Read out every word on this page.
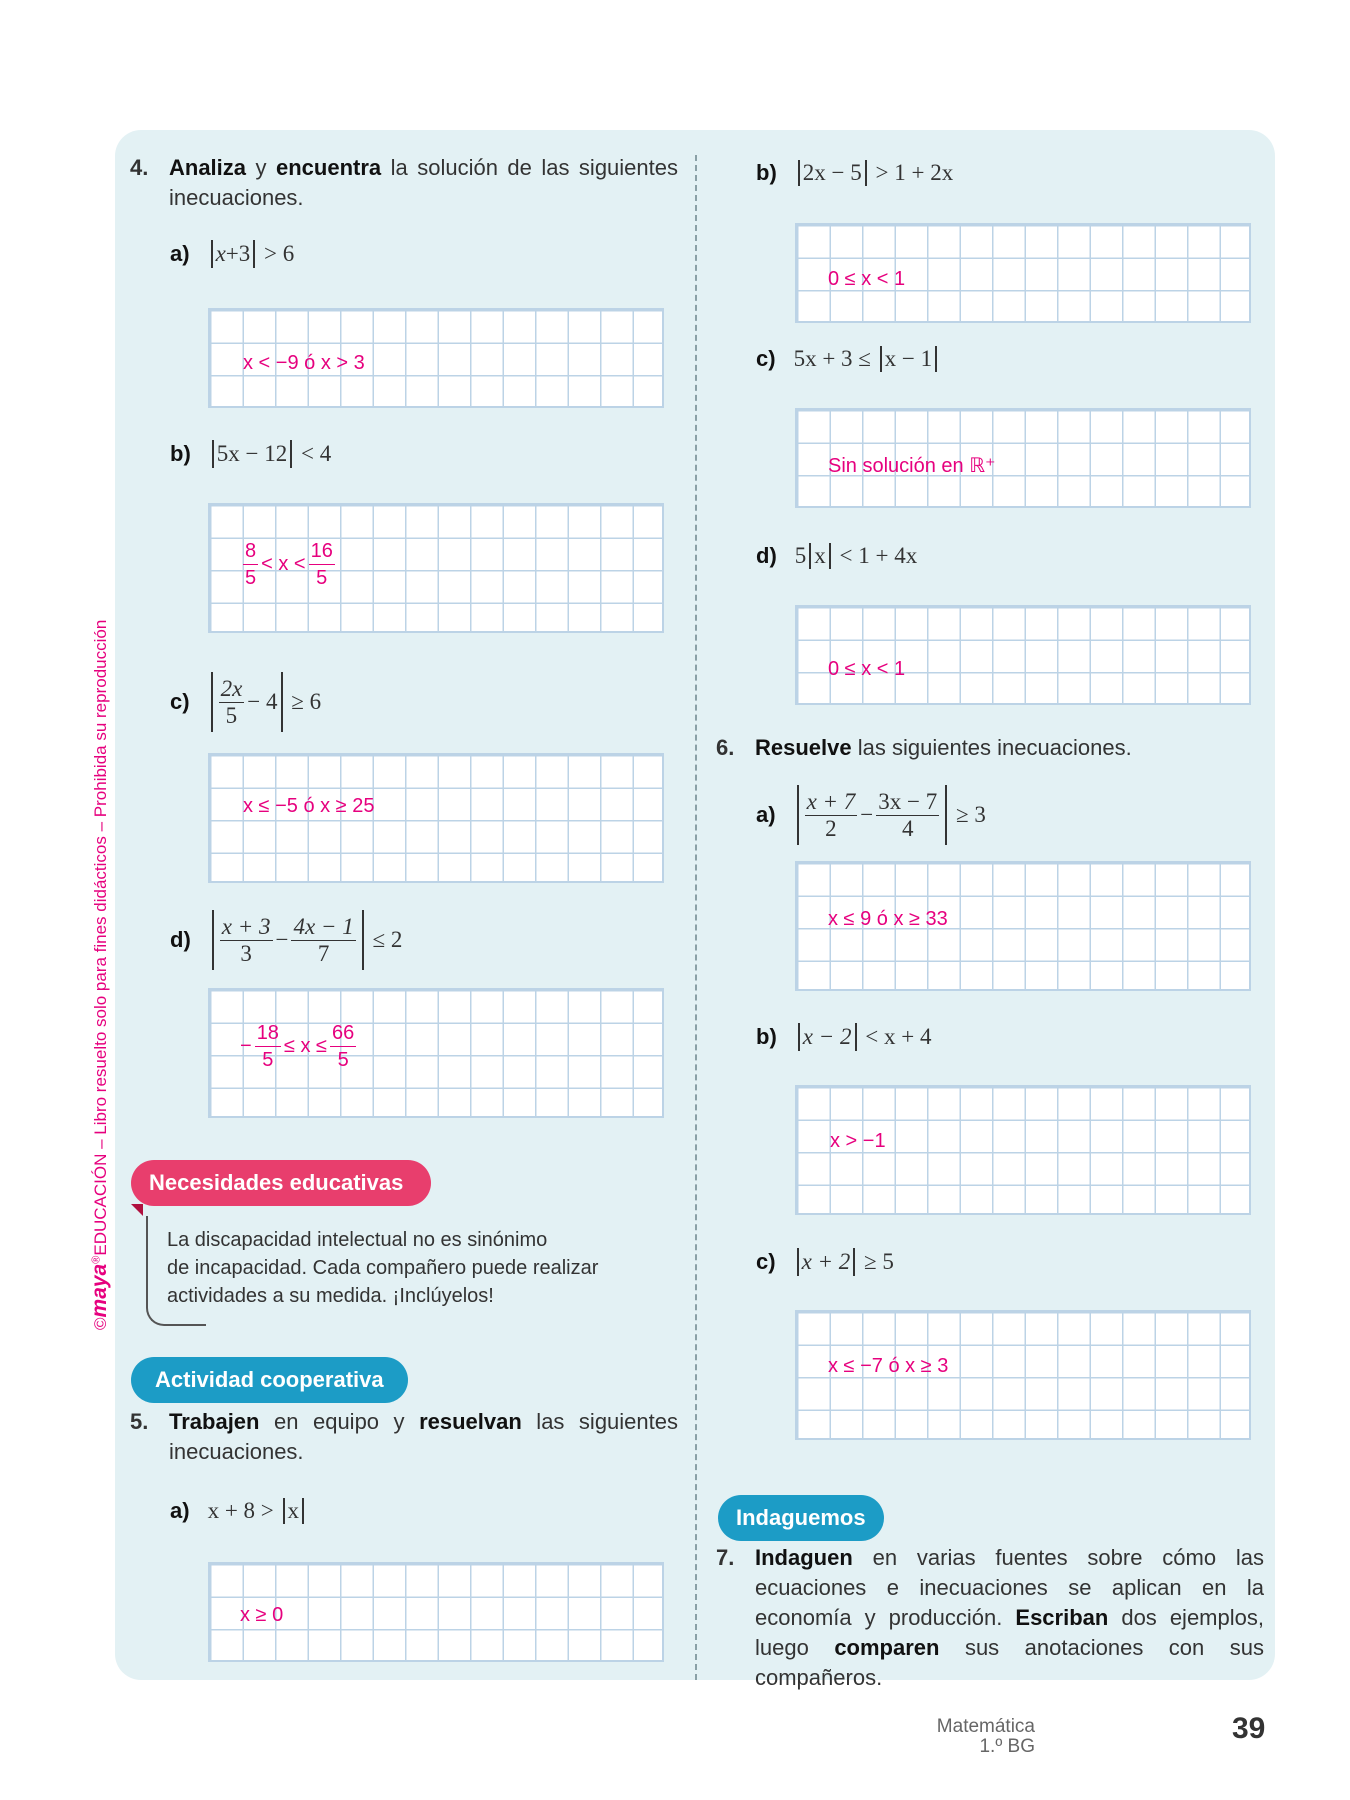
©maya®EDUCACIÓN – Libro resuelto solo para fines didácticos – Prohibida su reproducción
4. Analiza y encuentra la solución de las siguientes inecuaciones.
a) x +3
> 6
x < −9 ó x > 3
b) 5x − 12
< 4
$\frac{8}{5} < x < \frac{16}{5}$
$c) \frac{2x}{5} - 4$
≥ 6
x ≤ −5 ó x ≥ 25
$d) \frac{x + 3}{3} - \frac{4x - 1}{7}$
≤ 2
− $\frac{18}{5} \le x \le \frac{66}{5}$
Necesidades educativas
La discapacidad intelectual no es sinónimo
de incapacidad. Cada compañero puede realizar
actividades a su medida. ¡Inclúyelos!
Actividad cooperativa
5. Trabajen en equipo y resuelvan las siguientes inecuaciones.
a) x + 8 >
x
x ≥ 0
b) 2x − 5
> 1 + 2x
0 ≤ x < 1
c) 5x + 3 ≤
x − 1
Sin solución en ℝ⁺
d) 5 x
< 1 + 4x
0 ≤ x < 1
6. Resuelve las siguientes inecuaciones.
$a) \frac{x + 7}{2} - \frac{3x - 7}{4}$
≥ 3
x ≤ 9 ó x ≥ 33
b) x − 2
< x + 4
x > −1
c) x + 2
≥ 5
x ≤ −7 ó x ≥ 3
Indaguemos
7. Indaguen en varias fuentes sobre cómo las ecuaciones e inecuaciones se aplican en la economía y producción. Escriban dos ejemplos, luego comparen sus anotaciones con sus compañeros.
Matemática
1.º BG
39
